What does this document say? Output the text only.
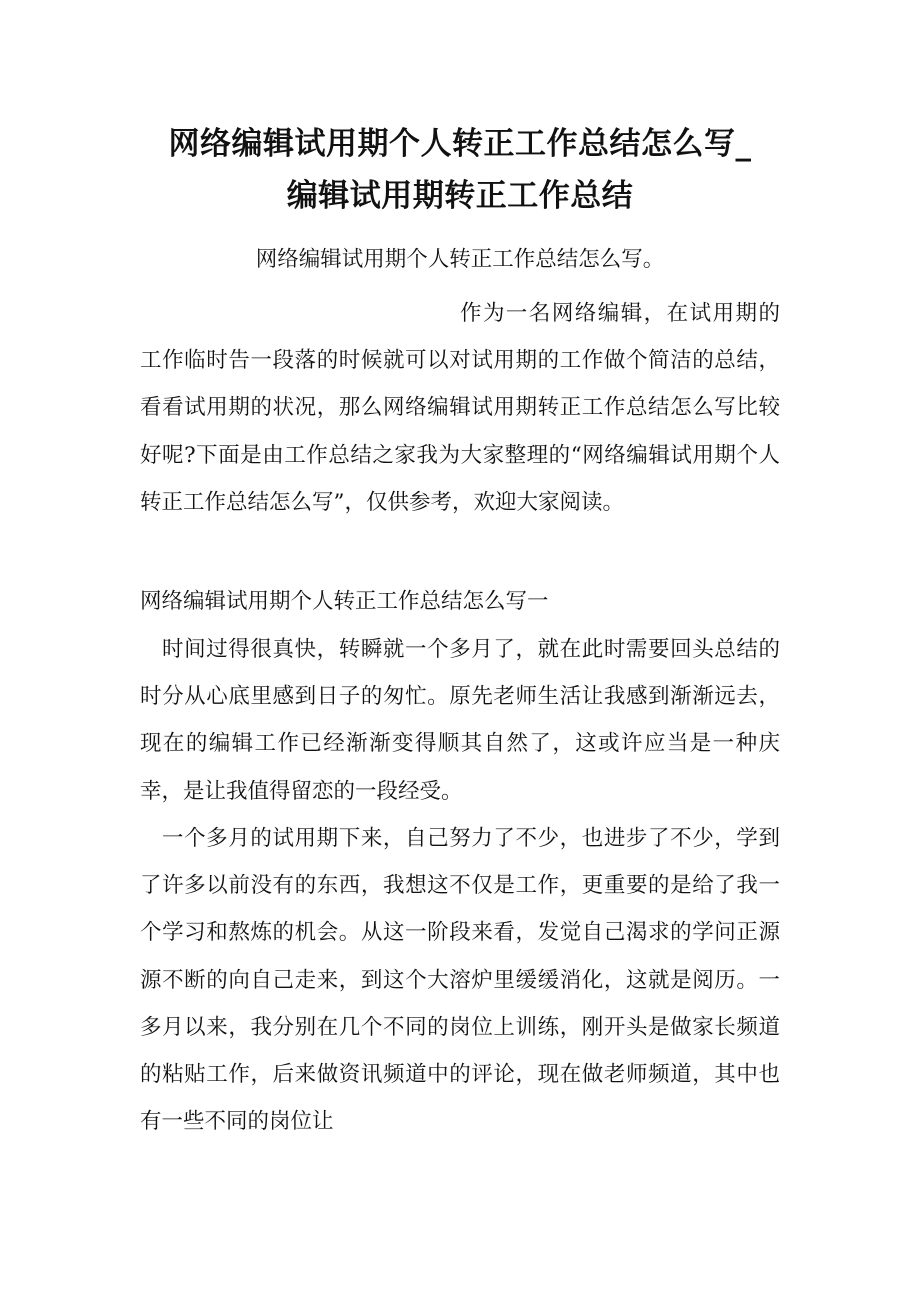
网络编辑试用期个人转正工作总结怎么写_
编辑试用期转正工作总结
网络编辑试用期个人转正工作总结怎么写。

作为一名网络编辑，在试用期的工作临时告一段落的时候就可以对试用期的工作做个简洁的总结，看看试用期的状况，那么网络编辑试用期转正工作总结怎么写比较好呢?下面是由工作总结之家我为大家整理的“网络编辑试用期个人转正工作总结怎么写”，仅供参考，欢迎大家阅读。

网络编辑试用期个人转正工作总结怎么写一

时间过得很真快，转瞬就一个多月了，就在此时需要回头总结的时分从心底里感到日子的匆忙。原先老师生活让我感到渐渐远去，现在的编辑工作已经渐渐变得顺其自然了，这或许应当是一种庆幸，是让我值得留恋的一段经受。

一个多月的试用期下来，自己努力了不少，也进步了不少，学到了许多以前没有的东西，我想这不仅是工作，更重要的是给了我一个学习和熬炼的机会。从这一阶段来看，发觉自己渴求的学问正源源不断的向自己走来，到这个大溶炉里缓缓消化，这就是阅历。一多月以来，我分别在几个不同的岗位上训练，刚开头是做家长频道的粘贴工作，后来做资讯频道中的评论，现在做老师频道，其中也有一些不同的岗位让
